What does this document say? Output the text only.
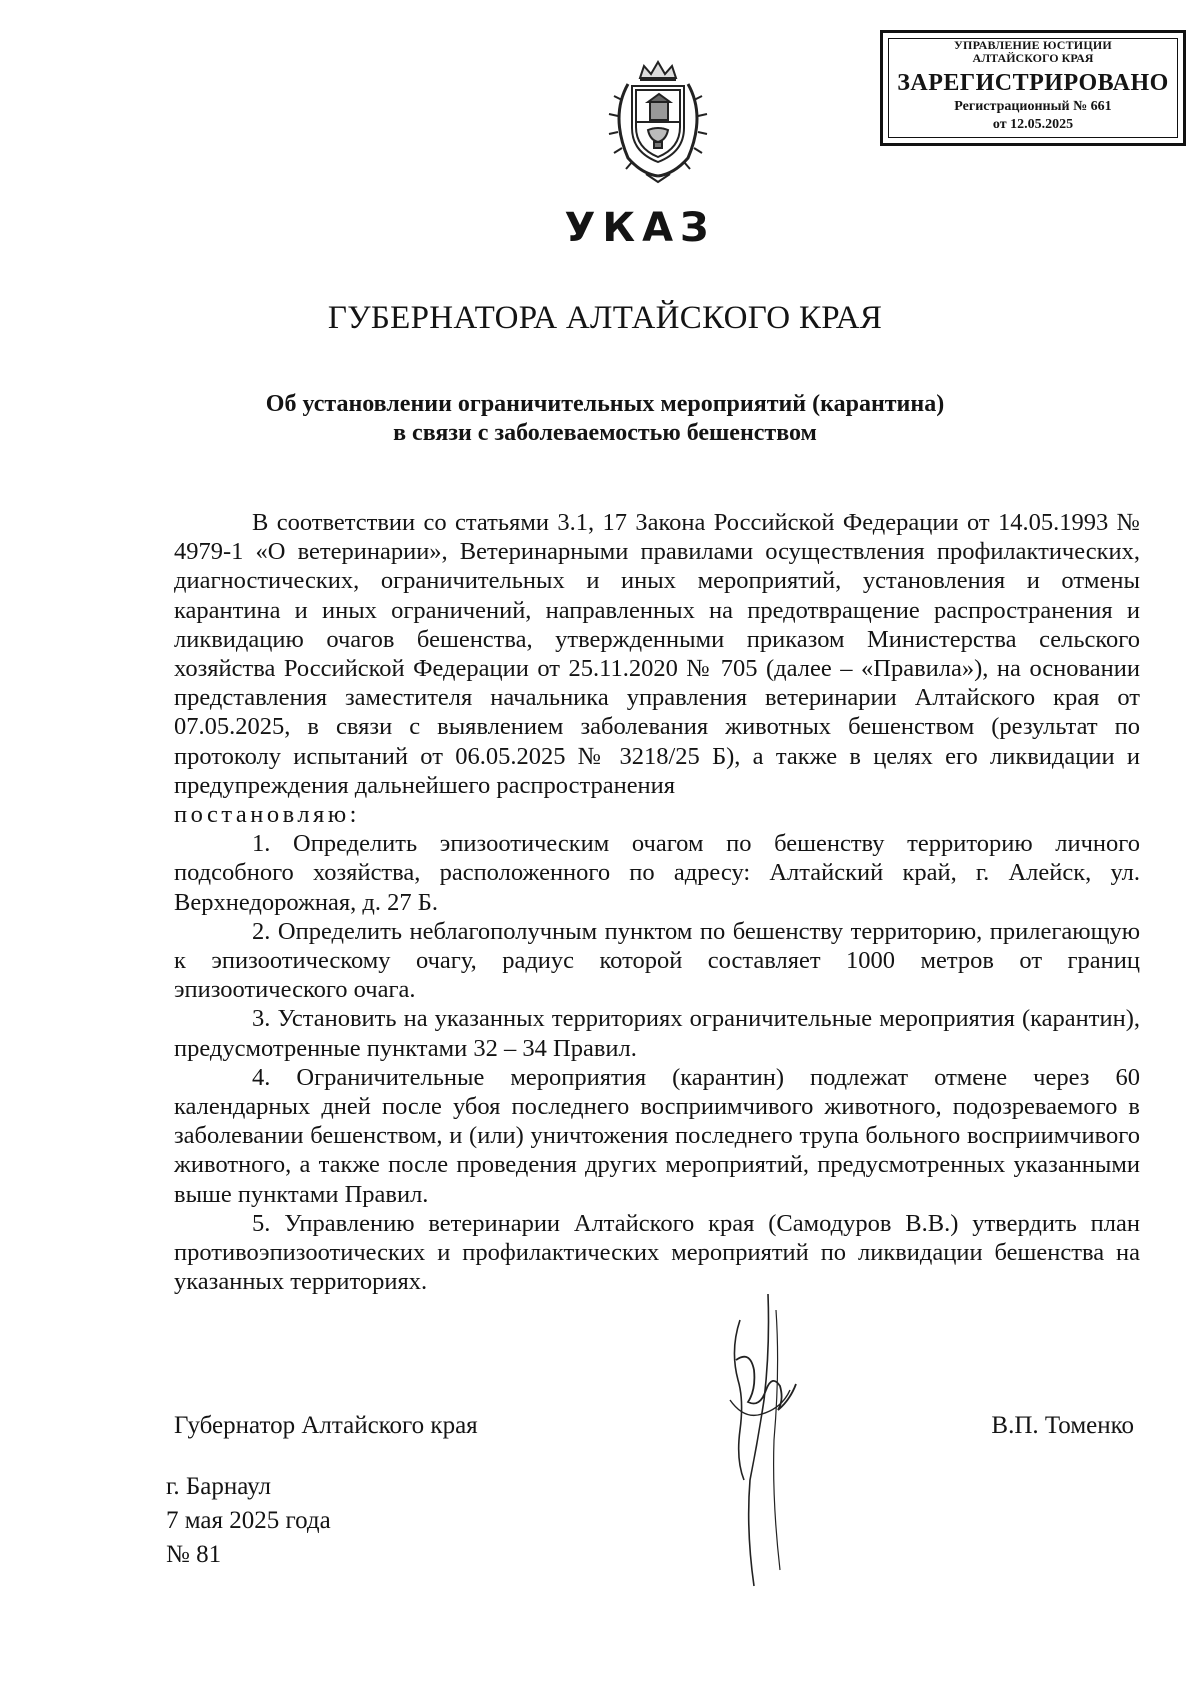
УПРАВЛЕНИЕ ЮСТИЦИИ
АЛТАЙСКОГО КРАЯ
ЗАРЕГИСТРИРОВАНО
Регистрационный № 661
от 12.05.2025
УКАЗ
ГУБЕРНАТОРА АЛТАЙСКОГО КРАЯ
Об установлении ограничительных мероприятий (карантина)
в связи с заболеваемостью бешенством

В соответствии со статьями 3.1, 17 Закона Российской Федерации от 14.05.1993 № 4979-1 «О ветеринарии», Ветеринарными правилами осуществления профилактических, диагностических, ограничительных и иных мероприятий, установления и отмены карантина и иных ограничений, направленных на предотвращение распространения и ликвидацию очагов бешенства, утвержденными приказом Министерства сельского хозяйства Российской Федерации от 25.11.2020 № 705 (далее – «Правила»), на основании представления заместителя начальника управления ветеринарии Алтайского края от 07.05.2025, в связи с выявлением заболевания животных бешенством (результат по протоколу испытаний от 06.05.2025 № 3218/25 Б), а также в целях его ликвидации и предупреждения дальнейшего распространения

постановляю:

1. Определить эпизоотическим очагом по бешенству территорию личного подсобного хозяйства, расположенного по адресу: Алтайский край, г. Алейск, ул. Верхнедорожная, д. 27 Б.

2. Определить неблагополучным пунктом по бешенству территорию, прилегающую к эпизоотическому очагу, радиус которой составляет 1000 метров от границ эпизоотического очага.

3. Установить на указанных территориях ограничительные мероприятия (карантин), предусмотренные пунктами 32 – 34 Правил.

4. Ограничительные мероприятия (карантин) подлежат отмене через 60 календарных дней после убоя последнего восприимчивого животного, подозреваемого в заболевании бешенством, и (или) уничтожения последнего трупа больного восприимчивого животного, а также после проведения других мероприятий, предусмотренных указанными выше пунктами Правил.

5. Управлению ветеринарии Алтайского края (Самодуров В.В.) утвердить план противоэпизоотических и профилактических мероприятий по ликвидации бешенства на указанных территориях.

Губернатор Алтайского края	В.П. Томенко
г. Барнаул
7 мая 2025 года
№ 81
